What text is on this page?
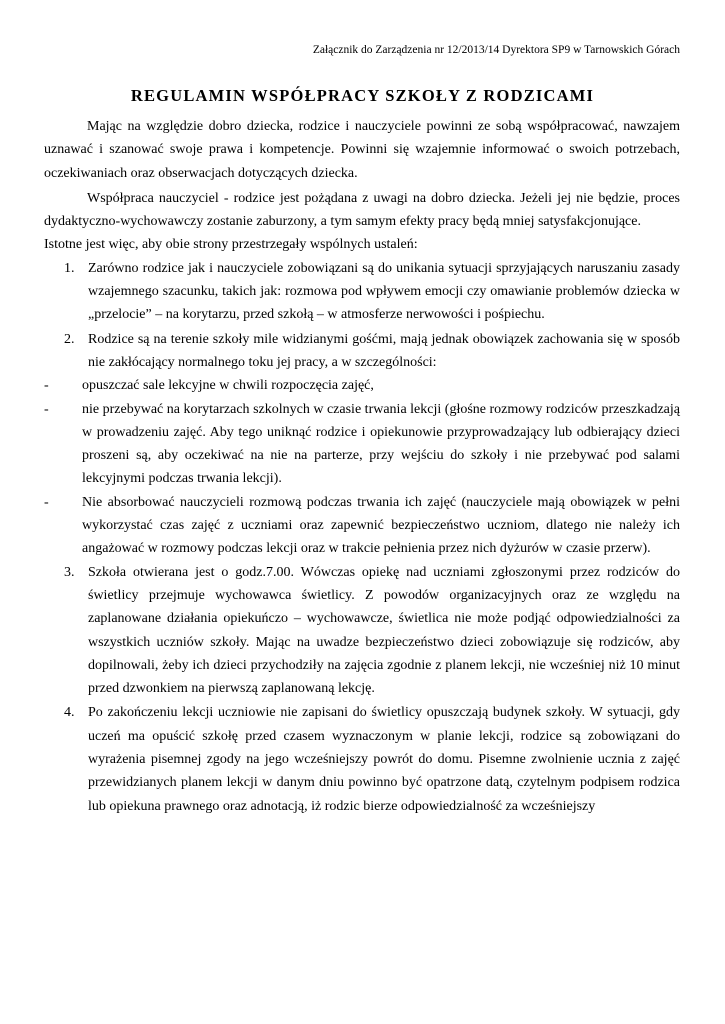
Załącznik do Zarządzenia nr 12/2013/14 Dyrektora SP9 w Tarnowskich Górach
REGULAMIN WSPÓŁPRACY SZKOŁY Z RODZICAMI

Mając na względzie dobro dziecka, rodzice i nauczyciele powinni ze sobą współpracować, nawzajem uznawać i szanować swoje prawa i kompetencje. Powinni się wzajemnie informować o swoich potrzebach, oczekiwaniach oraz obserwacjach dotyczących dziecka.

Współpraca nauczyciel - rodzice jest pożądana z uwagi na dobro dziecka. Jeżeli jej nie będzie, proces dydaktyczno-wychowawczy zostanie zaburzony, a tym samym efekty pracy będą mniej satysfakcjonujące.

Istotne jest więc, aby obie strony przestrzegały wspólnych ustaleń:

1. Zarówno rodzice jak i nauczyciele zobowiązani są do unikania sytuacji sprzyjających naruszaniu zasady wzajemnego szacunku, takich jak: rozmowa pod wpływem emocji czy omawianie problemów dziecka w „przelocie” – na korytarzu, przed szkołą – w atmosferze nerwowości i pośpiechu.
2. Rodzice są na terenie szkoły mile widzianymi gośćmi, mają jednak obowiązek zachowania się w sposób nie zakłócający normalnego toku jej pracy, a w szczególności:
- opuszczać sale lekcyjne w chwili rozpoczęcia zajęć,
- nie przebywać na korytarzach szkolnych w czasie trwania lekcji (głośne rozmowy rodziców przeszkadzają w prowadzeniu zajęć. Aby tego uniknąć rodzice i opiekunowie przyprowadzający lub odbierający dzieci proszeni są, aby oczekiwać na nie na parterze, przy wejściu do szkoły i nie przebywać pod salami lekcyjnymi podczas trwania lekcji).
- Nie absorbować nauczycieli rozmową podczas trwania ich zajęć (nauczyciele mają obowiązek w pełni wykorzystać czas zajęć z uczniami oraz zapewnić bezpieczeństwo uczniom, dlatego nie należy ich angażować w rozmowy podczas lekcji oraz w trakcie pełnienia przez nich dyżurów w czasie przerw).
3. Szkoła otwierana jest o godz.7.00. Wówczas opiekę nad uczniami zgłoszonymi przez rodziców do świetlicy przejmuje wychowawca świetlicy. Z powodów organizacyjnych oraz ze względu na zaplanowane działania opiekuńczo – wychowawcze, świetlica nie może podjąć odpowiedzialności za wszystkich uczniów szkoły. Mając na uwadze bezpieczeństwo dzieci zobowiązuje się rodziców, aby dopilnowali, żeby ich dzieci przychodziły na zajęcia zgodnie z planem lekcji, nie wcześniej niż 10 minut przed dzwonkiem na pierwszą zaplanowaną lekcję.
4. Po zakończeniu lekcji uczniowie nie zapisani do świetlicy opuszczają budynek szkoły. W sytuacji, gdy uczeń ma opuścić szkołę przed czasem wyznaczonym w planie lekcji, rodzice są zobowiązani do wyrażenia pisemnej zgody na jego wcześniejszy powrót do domu. Pisemne zwolnienie ucznia z zajęć przewidzianych planem lekcji w danym dniu powinno być opatrzone datą, czytelnym podpisem rodzica lub opiekuna prawnego oraz adnotacją, iż rodzic bierze odpowiedzialność za wcześniejszy
